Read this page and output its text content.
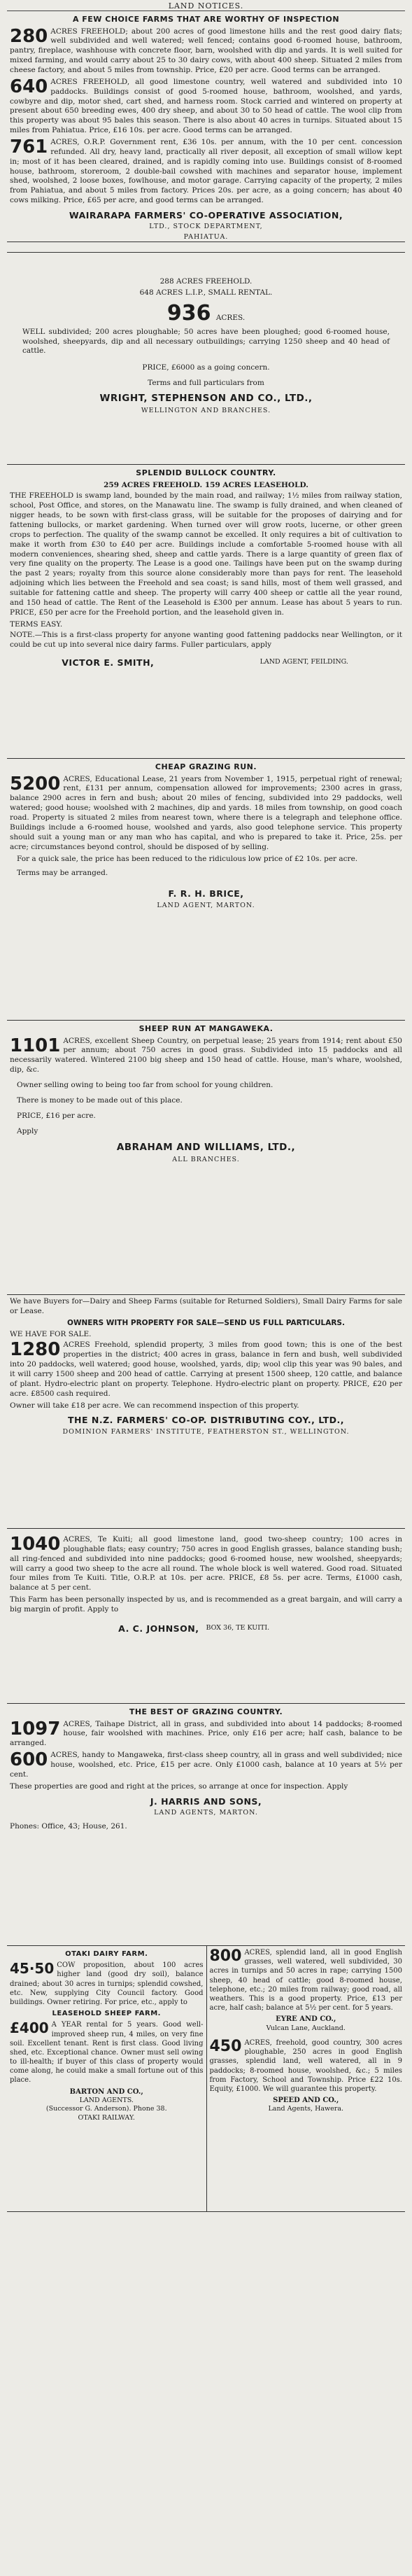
LAND NOTICES.
A FEW CHOICE FARMS THAT ARE WORTHY OF INSPECTION
280 ACRES FREEHOLD; about 200 acres of good limestone hills and the rest good dairy flats; well subdivided and well watered; well fenced; contains good 6-roomed house, bathroom, pantry, fireplace, washhouse with concrete floor, barn, woolshed with dip and yards. It is well suited for mixed farming, and would carry about 25 to 30 dairy cows, with about 400 sheep. Situated 2 miles from cheese factory, and about 5 miles from township. Price, £20 per acre. Good terms can be arranged.
640 ACRES FREEHOLD, all good limestone country, well watered and subdivided into 10 paddocks. Buildings consist of good 5-roomed house, bathroom, woolshed, and yards, cowbyre and dip, motor shed, cart shed, and harness room. Stock carried and wintered on property at present about 650 breeding ewes, 400 dry sheep, and about 30 to 50 head of cattle. The wool clip from this property was about 95 bales this season. There is also about 40 acres in turnips. Situated about 15 miles from Pahiatua. Price, £16 10s. per acre. Good terms can be arranged.
761 ACRES, O.R.P. Government rent, £36 10s. per annum, with the 10 per cent. concession refunded. All dry, heavy land, practically all river deposit, all exception of small willow kept in; most of it has been cleared, drained, and is rapidly coming into use. Buildings consist of 8-roomed house, bathroom, storeroom, 2 double-bail cowshed with machines and separator house, implement shed, woolshed, 2 loose boxes, fowlhouse, and motor garage. Carrying capacity of the property, 2 miles from Pahiatua, and about 5 miles from factory. Prices 20s. per acre, as a going concern; has about 40 cows milking. Price, £65 per acre, and good terms can be arranged.
WAIRARAPA FARMERS' CO-OPERATIVE ASSOCIATION,
LTD., STOCK DEPARTMENT,
PAHIATUA.
288 ACRES FREEHOLD.
648 ACRES L.I.P., SMALL RENTAL.
936 ACRES.
WELL subdivided; 200 acres ploughable; 50 acres have been ploughed; good 6-roomed house, woolshed, sheepyards, dip and all necessary outbuildings; carrying 1250 sheep and 40 head of cattle.
PRICE, £6000 as a going concern.
Terms and full particulars from
WRIGHT, STEPHENSON AND CO., LTD.,
WELLINGTON AND BRANCHES.
SPLENDID BULLOCK COUNTRY.
259 ACRES FREEHOLD. 159 ACRES LEASEHOLD.
THE FREEHOLD is swamp land, bounded by the main road, and railway; 1½ miles from railway station, school, Post Office, and stores, on the Manawatu line. The swamp is fully drained, and when cleaned of nigger heads, to be sown with first-class grass, will be suitable for the proposes of dairying and for fattening bullocks, or market gardening. When turned over will grow roots, lucerne, or other green crops to perfection. The quality of the swamp cannot be excelled. It only requires a bit of cultivation to make it worth from £30 to £40 per acre. Buildings include a comfortable 5-roomed house with all modern conveniences, shearing shed, sheep and cattle yards. There is a large quantity of green flax of very fine quality on the property. The Lease is a good one. Tailings have been put on the swamp during the past 2 years; royalty from this source alone considerably more than pays for rent. The leasehold adjoining which lies between the Freehold and sea coast; is sand hills, most of them well grassed, and suitable for fattening cattle and sheep. The property will carry 400 sheep or cattle all the year round, and 150 head of cattle. The Rent of the Leasehold is £300 per annum. Lease has about 5 years to run. PRICE, £50 per acre for the Freehold portion, and the leasehold given in.
TERMS EASY.
NOTE.—This is a first-class property for anyone wanting good fattening paddocks near Wellington, or it could be cut up into several nice dairy farms. Fuller particulars, apply
VICTOR E. SMITH,	LAND AGENT, FEILDING.
CHEAP GRAZING RUN.
5200 ACRES, Educational Lease, 21 years from November 1, 1915, perpetual right of renewal; rent, £131 per annum, compensation allowed for improvements; 2300 acres in grass, balance 2900 acres in fern and bush; about 20 miles of fencing, subdivided into 29 paddocks, well watered; good house; woolshed with 2 machines, dip and yards. 18 miles from township, on good coach road. Property is situated 2 miles from nearest town, where there is a telegraph and telephone office. Buildings include a 6-roomed house, woolshed and yards, also good telephone service. This property should suit a young man or any man who has capital, and who is prepared to take it. Price, 25s. per acre; circumstances beyond control, should be disposed of by selling.
For a quick sale, the price has been reduced to the ridiculous low price of £2 10s. per acre.
Terms may be arranged.
F. R. H. BRICE,
LAND AGENT, MARTON.
SHEEP RUN AT MANGAWEKA.
1101 ACRES, excellent Sheep Country, on perpetual lease; 25 years from 1914; rent about £50 per annum; about 750 acres in good grass. Subdivided into 15 paddocks and all necessarily watered. Wintered 2100 big sheep and 150 head of cattle. House, man's whare, woolshed, dip, &c.
Owner selling owing to being too far from school for young children.
There is money to be made out of this place.
PRICE, £16 per acre.
Apply
ABRAHAM AND WILLIAMS, LTD.,
ALL BRANCHES.
We have Buyers for—Dairy and Sheep Farms (suitable for Returned Soldiers), Small Dairy Farms for sale or Lease.
OWNERS WITH PROPERTY FOR SALE—SEND US FULL PARTICULARS.
WE HAVE FOR SALE.
1280 ACRES Freehold, splendid property, 3 miles from good town; this is one of the best properties in the district; 400 acres in grass, balance in fern and bush, well subdivided into 20 paddocks, well watered; good house, woolshed, yards, dip; wool clip this year was 90 bales, and it will carry 1500 sheep and 200 head of cattle. Carrying at present 1500 sheep, 120 cattle, and balance of plant. Hydro-electric plant on property. Telephone. Hydro-electric plant on property. PRICE, £20 per acre. £8500 cash required.
Owner will take £18 per acre. We can recommend inspection of this property.
THE N.Z. FARMERS' CO-OP. DISTRIBUTING COY., LTD.,
DOMINION FARMERS' INSTITUTE, FEATHERSTON ST., WELLINGTON.
1040 ACRES, Te Kuiti; all good limestone land, good two-sheep country; 100 acres in ploughable flats; easy country; 750 acres in good English grasses, balance standing bush; all ring-fenced and subdivided into nine paddocks; good 6-roomed house, new woolshed, sheepyards; will carry a good two sheep to the acre all round. The whole block is well watered. Good road. Situated four miles from Te Kuiti. Title, O.R.P. at 10s. per acre. PRICE, £8 5s. per acre. Terms, £1000 cash, balance at 5 per cent.
This Farm has been personally inspected by us, and is recommended as a great bargain, and will carry a big margin of profit. Apply to
A. C. JOHNSON,	BOX 36, TE KUITI.
THE BEST OF GRAZING COUNTRY.
1097 ACRES, Taihape District, all in grass, and subdivided into about 14 paddocks; 8-roomed house, fair woolshed with machines. Price, only £16 per acre; half cash, balance to be arranged.
600 ACRES, handy to Mangaweka, first-class sheep country, all in grass and well subdivided; nice house, woolshed, etc. Price, £15 per acre. Only £1000 cash, balance at 10 years at 5½ per cent.
These properties are good and right at the prices, so arrange at once for inspection. Apply
J. HARRIS AND SONS,
LAND AGENTS, MARTON.
Phones: Office, 43; House, 261.
OTAKI DAIRY FARM.
45·50 COW proposition, about 100 acres higher land (good dry soil), balance drained; about 30 acres in turnips; splendid cowshed, etc. New, supplying City Council factory. Good buildings. Owner retiring. For price, etc., apply to
LEASEHOLD SHEEP FARM.
£400 A YEAR rental for 5 years. Good well-improved sheep run, 4 miles, on very fine soil. Excellent tenant. Rent is first class. Good living shed, etc. Exceptional chance. Owner must sell owing to ill-health; if buyer of this class of property would come along, he could make a small fortune out of this place.
BARTON AND CO.,
LAND AGENTS.
(Successor G. Anderson). Phone 38.
OTAKI RAILWAY.
800 ACRES, splendid land, all in good English grasses, well watered, well subdivided, 30 acres in turnips and 50 acres in rape; carrying 1500 sheep, 40 head of cattle; good 8-roomed house, telephone, etc.; 20 miles from railway; good road, all weathers. This is a good property. Price, £13 per acre, half cash; balance at 5½ per cent. for 5 years.
EYRE AND CO.,
Vulcan Lane, Auckland.
450 ACRES, freehold, good country, 300 acres ploughable, 250 acres in good English grasses, splendid land, well watered, all in 9 paddocks; 8-roomed house, woolshed, &c.; 5 miles from Factory, School and Township. Price £22 10s. Equity, £1000. We will guarantee this property.
SPEED AND CO.,
Land Agents, Hawera.
